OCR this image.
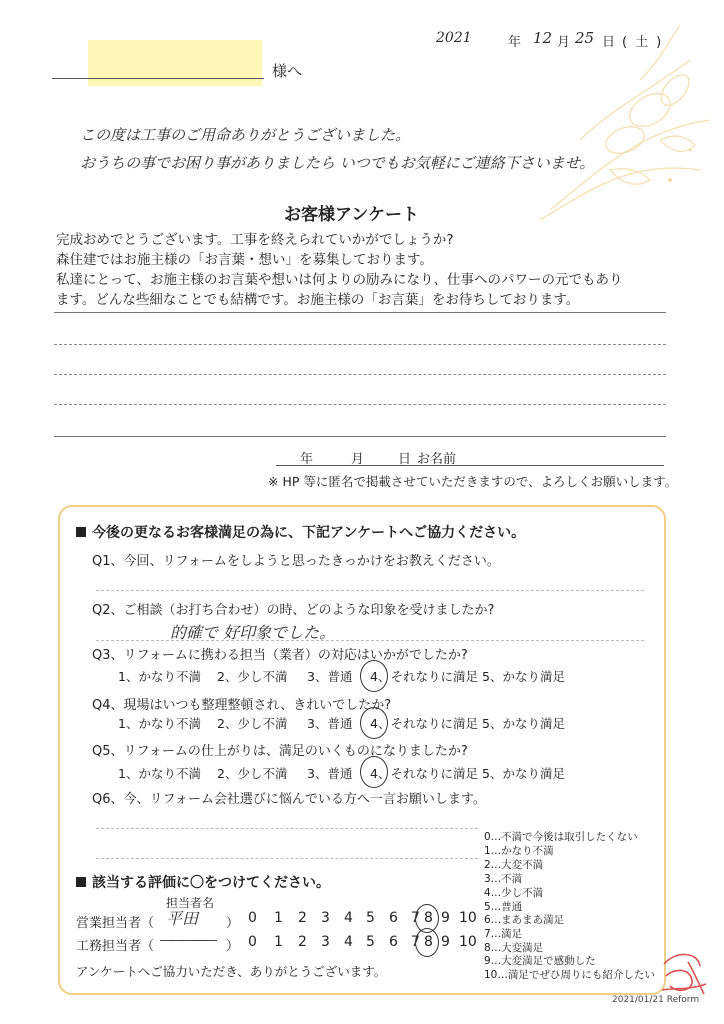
2021	年 12 月 25 日 (土)
様へ
この度は工事のご用命ありがとうございました。
おうちの事でお困り事がありましたら いつでもお気軽にご連絡下さいませ。
お客様アンケート
完成おめでとうございます。工事を終えられていかがでしょうか?
森住建ではお施主様の「お言葉・想い」を募集しております。
私達にとって、お施主様のお言葉や想いは何よりの励みになり、仕事へのパワーの元でもあり
ます。どんな些細なことでも結構です。お施主様の「お言葉」をお待ちしております。
年	月	日 お名前
※ HP 等に匿名で掲載させていただきますので、よろしくお願いします。
今後の更なるお客様満足の為に、下記アンケートへご協力ください。
Q1、今回、リフォームをしようと思ったきっかけをお教えください。
Q2、ご相談（お打ち合わせ）の時、どのような印象を受けましたか?
的確で 好印象でした。
Q3、リフォームに携わる担当（業者）の対応はいかがでしたか?
Q4、現場はいつも整理整頓され、きれいでしたか?
Q5、リフォームの仕上がりは、満足のいくものになりましたか?
1、かなり不満 2、少し不満 3、普通 4、それなりに満足 5、かなり満足
1、かなり不満 2、少し不満 3、普通 4、それなりに満足 5、かなり満足
1、かなり不満 2、少し不満 3、普通 4、それなりに満足 5、かなり満足
Q6、今、リフォーム会社選びに悩んでいる方へ一言お願いします。
0…不満で今後は取引したくない
1…かなり不満
2…大変不満
3…不満
4…少し不満
5…普通
6…まあまあ満足
7…満足
8…大変満足
9…大変満足で感動した
10…満足でぜひ周りにも紹介したい
該当する評価に〇をつけてください。
担当者名
営業担当者（ 平田 ）
工務担当者（ ――――― ）
0 1 2 3 4 5 6 7 8 9 10
0 1 2 3 4 5 6 7 8 9 10
アンケートへご協力いただき、ありがとうございます。
2021/01/21 Reform
